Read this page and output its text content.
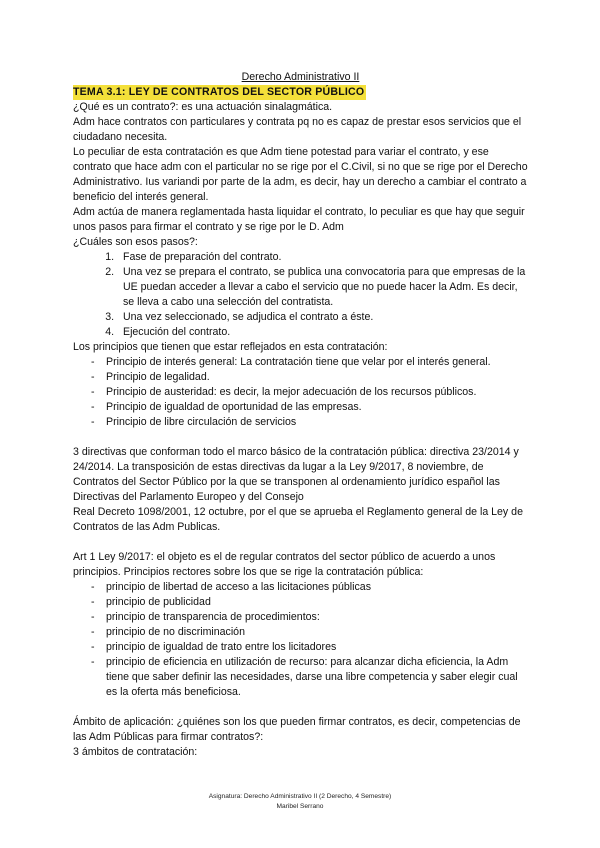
Derecho Administrativo II

TEMA 3.1: LEY DE CONTRATOS DEL SECTOR PÚBLICO

¿Qué es un contrato?: es una actuación sinalagmática.

Adm hace contratos con particulares y contrata pq no es capaz de prestar esos servicios que el ciudadano necesita.

Lo peculiar de esta contratación es que Adm tiene potestad para variar el contrato, y ese contrato que hace adm con el particular no se rige por el C.Civil, si no que se rige por el Derecho Administrativo. Ius variandi por parte de la adm, es decir, hay un derecho a cambiar el contrato a beneficio del interés general.

Adm actúa de manera reglamentada hasta liquidar el contrato, lo peculiar es que hay que seguir unos pasos para firmar el contrato y se rige por le D. Adm

¿Cuáles son esos pasos?:

1. Fase de preparación del contrato.
2. Una vez se prepara el contrato, se publica una convocatoria para que empresas de la UE puedan acceder a llevar a cabo el servicio que no puede hacer la Adm. Es decir, se lleva a cabo una selección del contratista.
3. Una vez seleccionado, se adjudica el contrato a éste.
4. Ejecución del contrato.

Los principios que tienen que estar reflejados en esta contratación:

- Principio de interés general: La contratación tiene que velar por el interés general.
- Principio de legalidad.
- Principio de austeridad: es decir, la mejor adecuación de los recursos públicos.
- Principio de igualdad de oportunidad de las empresas.
- Principio de libre circulación de servicios

3 directivas que conforman todo el marco básico de la contratación pública: directiva 23/2014 y 24/2014. La transposición de estas directivas da lugar a la Ley 9/2017, 8 noviembre, de Contratos del Sector Público por la que se transponen al ordenamiento jurídico español las Directivas del Parlamento Europeo y del Consejo

Real Decreto 1098/2001, 12 octubre, por el que se aprueba el Reglamento general de la Ley de Contratos de las Adm Publicas.

Art 1 Ley 9/2017: el objeto es el de regular contratos del sector público de acuerdo a unos principios. Principios rectores sobre los que se rige la contratación pública:

- principio de libertad de acceso a las licitaciones públicas
- principio de publicidad
- principio de transparencia de procedimientos:
- principio de no discriminación
- principio de igualdad de trato entre los licitadores
- principio de eficiencia en utilización de recurso: para alcanzar dicha eficiencia, la Adm tiene que saber definir las necesidades, darse una libre competencia y saber elegir cual es la oferta más beneficiosa.

Ámbito de aplicación: ¿quiénes son los que pueden firmar contratos, es decir, competencias de las Adm Públicas para firmar contratos?:

3 ámbitos de contratación:

Asignatura: Derecho Administrativo II (2 Derecho, 4 Semestre)
Maribel Serrano
